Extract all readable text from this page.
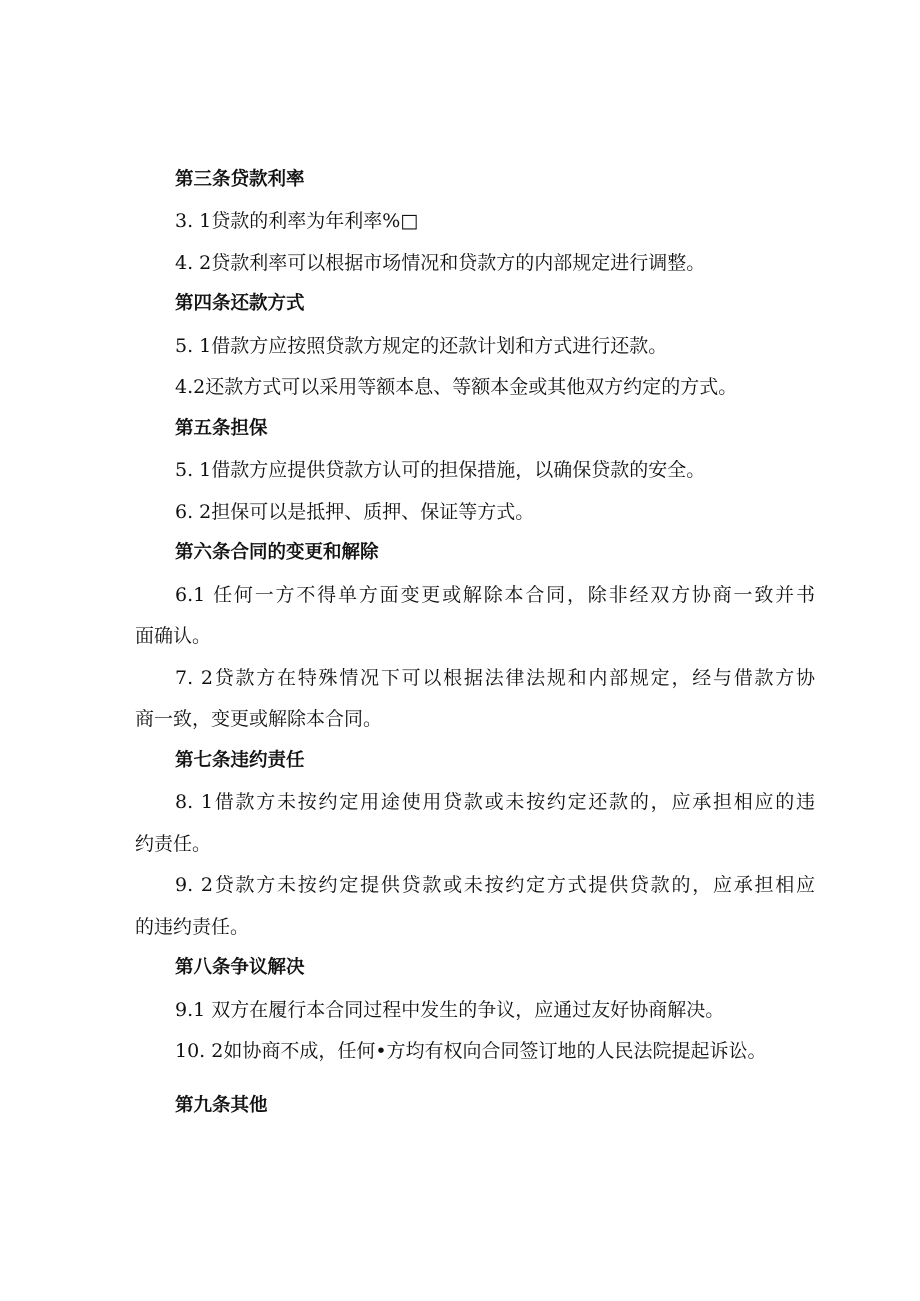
第三条贷款利率
3. 1贷款的利率为年利率%□
4. 2贷款利率可以根据市场情况和贷款方的内部规定进行调整。
第四条还款方式
5. 1借款方应按照贷款方规定的还款计划和方式进行还款。
4.2还款方式可以采用等额本息、等额本金或其他双方约定的方式。
第五条担保
5. 1借款方应提供贷款方认可的担保措施，以确保贷款的安全。
6. 2担保可以是抵押、质押、保证等方式。
第六条合同的变更和解除
6.1 任何一方不得单方面变更或解除本合同，除非经双方协商一致并书
面确认。
7. 2贷款方在特殊情况下可以根据法律法规和内部规定，经与借款方协
商一致，变更或解除本合同。
第七条违约责任
8. 1借款方未按约定用途使用贷款或未按约定还款的，应承担相应的违
约责任。
9. 2贷款方未按约定提供贷款或未按约定方式提供贷款的，应承担相应
的违约责任。
第八条争议解决
9.1 双方在履行本合同过程中发生的争议，应通过友好协商解决。
10. 2如协商不成，任何•方均有权向合同签订地的人民法院提起诉讼。
第九条其他
